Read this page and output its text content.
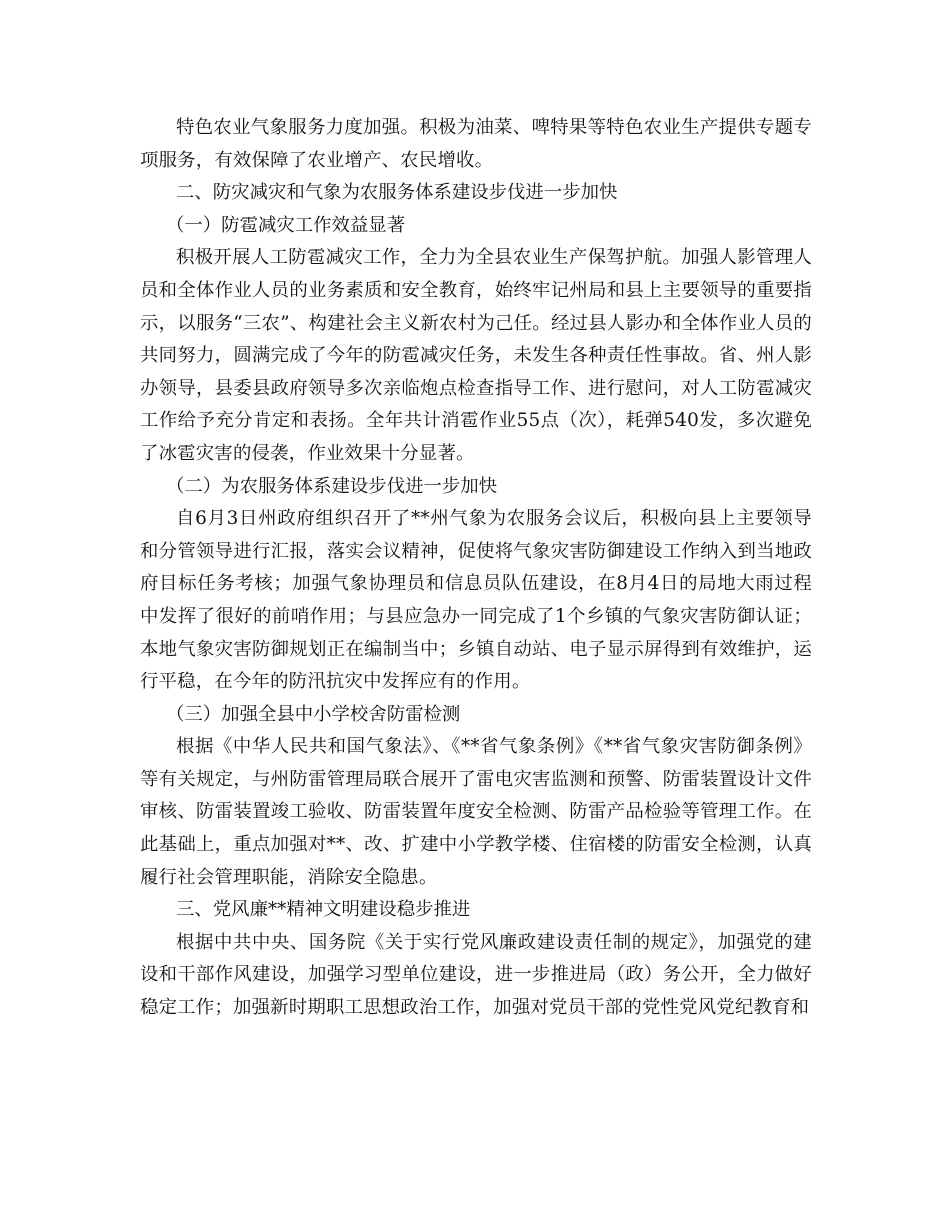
特色农业气象服务力度加强。积极为油菜、啤特果等特色农业生产提供专题专项服务，有效保障了农业增产、农民增收。

二、防灾减灾和气象为农服务体系建设步伐进一步加快

（一）防雹减灾工作效益显著

积极开展人工防雹减灾工作，全力为全县农业生产保驾护航。加强人影管理人员和全体作业人员的业务素质和安全教育，始终牢记州局和县上主要领导的重要指示，以服务“三农”、构建社会主义新农村为己任。经过县人影办和全体作业人员的共同努力，圆满完成了今年的防雹减灾任务，未发生各种责任性事故。省、州人影办领导，县委县政府领导多次亲临炮点检查指导工作、进行慰问，对人工防雹减灾工作给予充分肯定和表扬。全年共计消雹作业55点（次），耗弹540发，多次避免了冰雹灾害的侵袭，作业效果十分显著。

（二）为农服务体系建设步伐进一步加快

自6月3日州政府组织召开了**州气象为农服务会议后，积极向县上主要领导和分管领导进行汇报，落实会议精神，促使将气象灾害防御建设工作纳入到当地政府目标任务考核；加强气象协理员和信息员队伍建设，在8月4日的局地大雨过程中发挥了很好的前哨作用；与县应急办一同完成了1个乡镇的气象灾害防御认证；本地气象灾害防御规划正在编制当中；乡镇自动站、电子显示屏得到有效维护，运行平稳，在今年的防汛抗灾中发挥应有的作用。

（三）加强全县中小学校舍防雷检测

根据《中华人民共和国气象法》、《**省气象条例》《**省气象灾害防御条例》等有关规定，与州防雷管理局联合展开了雷电灾害监测和预警、防雷装置设计文件审核、防雷装置竣工验收、防雷装置年度安全检测、防雷产品检验等管理工作。在此基础上，重点加强对**、改、扩建中小学教学楼、住宿楼的防雷安全检测，认真履行社会管理职能，消除安全隐患。

三、党风廉**精神文明建设稳步推进

根据中共中央、国务院《关于实行党风廉政建设责任制的规定》，加强党的建设和干部作风建设，加强学习型单位建设，进一步推进局（政）务公开，全力做好稳定工作；加强新时期职工思想政治工作，加强对党员干部的党性党风党纪教育和
